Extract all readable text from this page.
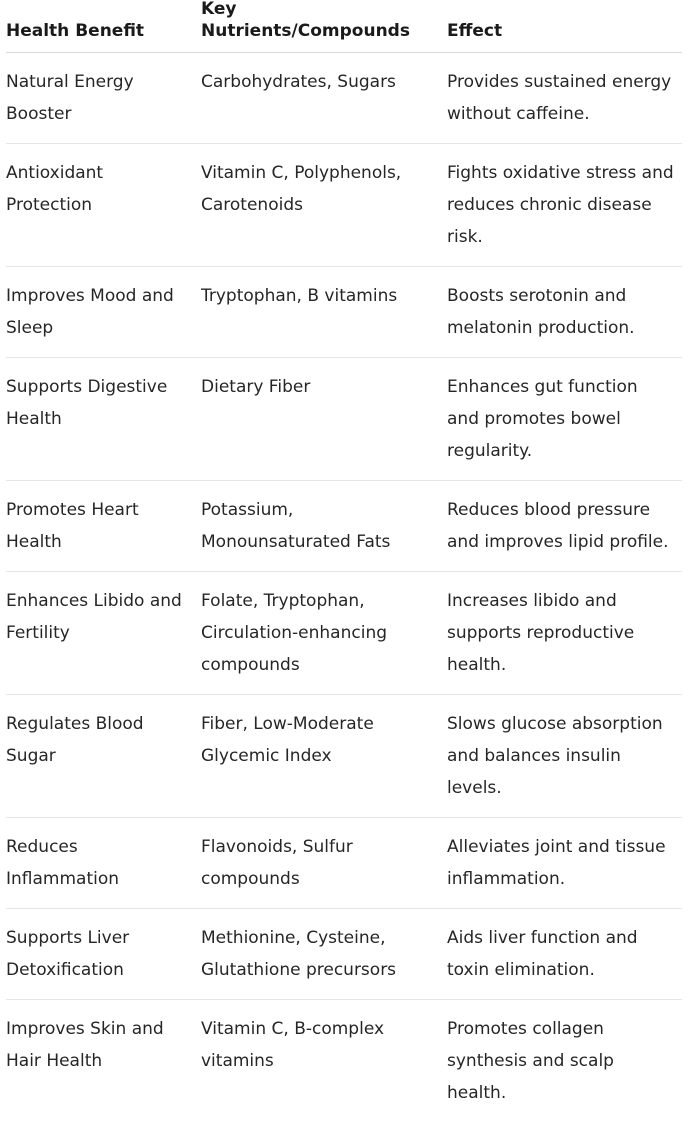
Health Benefit	Key Nutrients/Compounds	Effect
Natural Energy Booster	Carbohydrates, Sugars	Provides sustained energy without caffeine.
Antioxidant Protection	Vitamin C, Polyphenols, Carotenoids	Fights oxidative stress and reduces chronic disease risk.
Improves Mood and Sleep	Tryptophan, B vitamins	Boosts serotonin and melatonin production.
Supports Digestive Health	Dietary Fiber	Enhances gut function and promotes bowel regularity.
Promotes Heart Health	Potassium, Monounsaturated Fats	Reduces blood pressure and improves lipid profile.
Enhances Libido and Fertility	Folate, Tryptophan, Circulation-enhancing compounds	Increases libido and supports reproductive health.
Regulates Blood Sugar	Fiber, Low-Moderate Glycemic Index	Slows glucose absorption and balances insulin levels.
Reduces Inflammation	Flavonoids, Sulfur compounds	Alleviates joint and tissue inflammation.
Supports Liver Detoxification	Methionine, Cysteine, Glutathione precursors	Aids liver function and toxin elimination.
Improves Skin and Hair Health	Vitamin C, B-complex vitamins	Promotes collagen synthesis and scalp health.
